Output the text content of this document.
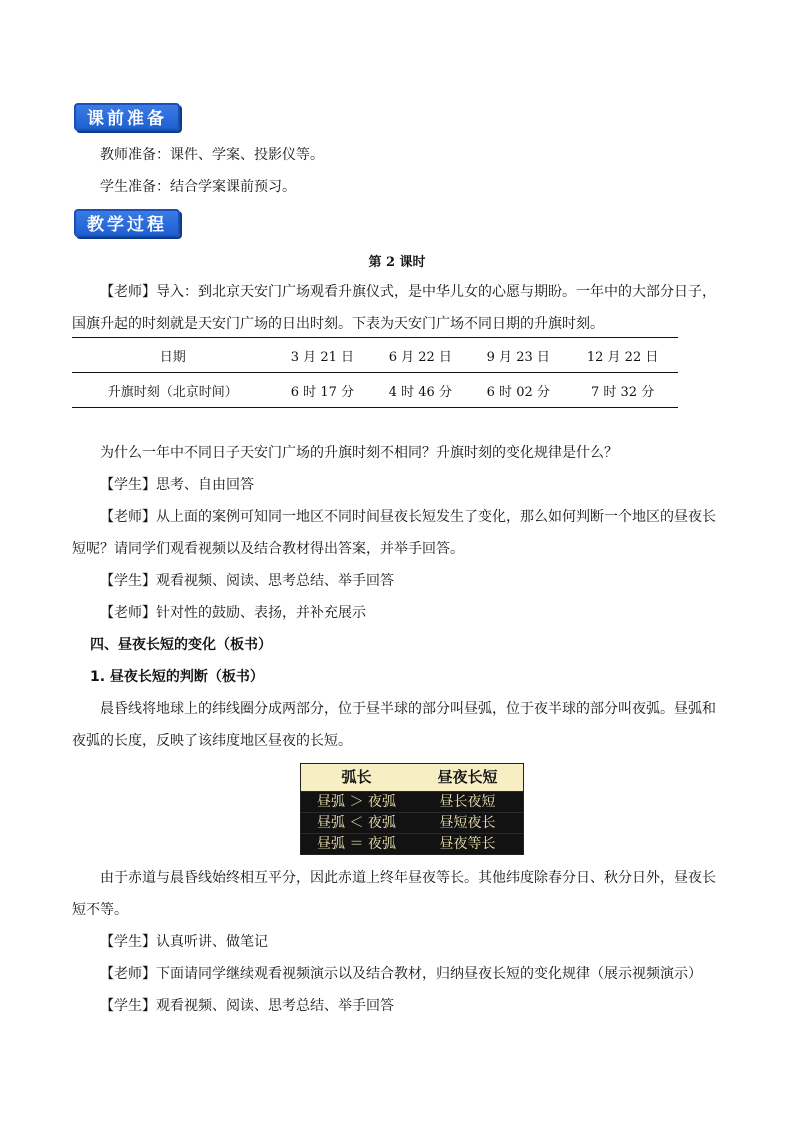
课前准备
教师准备：课件、学案、投影仪等。
学生准备：结合学案课前预习。
教学过程
第 2 课时
【老师】导入：到北京天安门广场观看升旗仪式，是中华儿女的心愿与期盼。一年中的大部分日子，国旗升起的时刻就是天安门广场的日出时刻。下表为天安门广场不同日期的升旗时刻。
日期	3 月 21 日	6 月 22 日	9 月 23 日	12 月 22 日
升旗时刻（北京时间）	6 时 17 分	4 时 46 分	6 时 02 分	7 时 32 分
为什么一年中不同日子天安门广场的升旗时刻不相同？升旗时刻的变化规律是什么？
【学生】思考、自由回答
【老师】从上面的案例可知同一地区不同时间昼夜长短发生了变化，那么如何判断一个地区的昼夜长短呢？请同学们观看视频以及结合教材得出答案，并举手回答。
【学生】观看视频、阅读、思考总结、举手回答
【老师】针对性的鼓励、表扬，并补充展示
四、昼夜长短的变化（板书）
1. 昼夜长短的判断（板书）
晨昏线将地球上的纬线圈分成两部分，位于昼半球的部分叫昼弧，位于夜半球的部分叫夜弧。昼弧和夜弧的长度，反映了该纬度地区昼夜的长短。
弧长	昼夜长短
昼弧 ＞ 夜弧	昼长夜短
昼弧 ＜ 夜弧	昼短夜长
昼弧 ＝ 夜弧	昼夜等长
由于赤道与晨昏线始终相互平分，因此赤道上终年昼夜等长。其他纬度除春分日、秋分日外，昼夜长短不等。
【学生】认真听讲、做笔记
【老师】下面请同学继续观看视频演示以及结合教材，归纳昼夜长短的变化规律（展示视频演示）
【学生】观看视频、阅读、思考总结、举手回答
